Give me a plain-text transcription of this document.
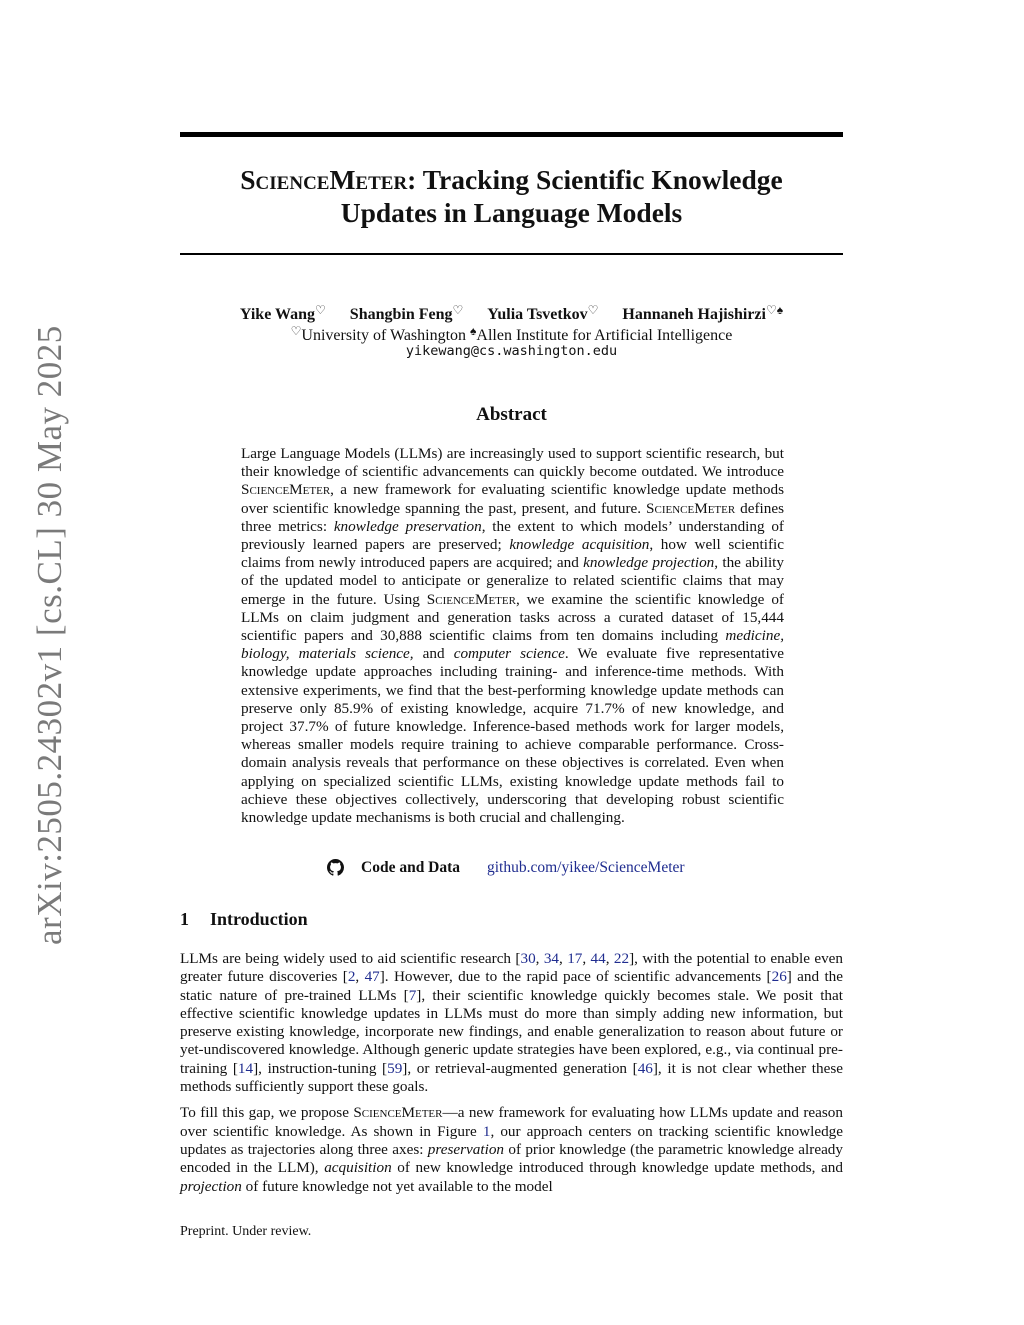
arXiv:2505.24302v1 [cs.CL] 30 May 2025
ScienceMeter: Tracking Scientific Knowledge
Updates in Language Models
Yike Wang♡ Shangbin Feng♡ Yulia Tsvetkov♡ Hannaneh Hajishirzi♡♠
♡University of Washington ♠Allen Institute for Artificial Intelligence
yikewang@cs.washington.edu
Abstract

Large Language Models (LLMs) are increasingly used to support scientific research, but their knowledge of scientific advancements can quickly become outdated. We introduce ScienceMeter, a new framework for evaluating scientific knowledge update methods over scientific knowledge spanning the past, present, and future. ScienceMeter defines three metrics: knowledge preservation, the extent to which models’ understanding of previously learned papers are preserved; knowledge acquisition, how well scientific claims from newly introduced papers are acquired; and knowledge projection, the ability of the updated model to anticipate or generalize to related scientific claims that may emerge in the future. Using ScienceMeter, we examine the scientific knowledge of LLMs on claim judgment and generation tasks across a curated dataset of 15,444 scientific papers and 30,888 scientific claims from ten domains including medicine, biology, materials science, and computer science. We evaluate five representative knowledge update approaches including training- and inference-time methods. With extensive experiments, we find that the best-performing knowledge update methods can preserve only 85.9% of existing knowledge, acquire 71.7% of new knowledge, and project 37.7% of future knowledge. Inference-based methods work for larger models, whereas smaller models require training to achieve comparable performance. Cross-domain analysis reveals that performance on these objectives is correlated. Even when applying on specialized scientific LLMs, existing knowledge update methods fail to achieve these objectives collectively, underscoring that developing robust scientific knowledge update mechanisms is both crucial and challenging.

Code and Data github.com/yikee/ScienceMeter
1 Introduction

LLMs are being widely used to aid scientific research [30, 34, 17, 44, 22], with the potential to enable even greater future discoveries [2, 47]. However, due to the rapid pace of scientific advancements [26] and the static nature of pre-trained LLMs [7], their scientific knowledge quickly becomes stale. We posit that effective scientific knowledge updates in LLMs must do more than simply adding new information, but preserve existing knowledge, incorporate new findings, and enable generalization to reason about future or yet-undiscovered knowledge. Although generic update strategies have been explored, e.g., via continual pre-training [14], instruction-tuning [59], or retrieval-augmented generation [46], it is not clear whether these methods sufficiently support these goals.

To fill this gap, we propose ScienceMeter—a new framework for evaluating how LLMs update and reason over scientific knowledge. As shown in Figure 1, our approach centers on tracking scientific knowledge updates as trajectories along three axes: preservation of prior knowledge (the parametric knowledge already encoded in the LLM), acquisition of new knowledge introduced through knowledge update methods, and projection of future knowledge not yet available to the model

Preprint. Under review.
